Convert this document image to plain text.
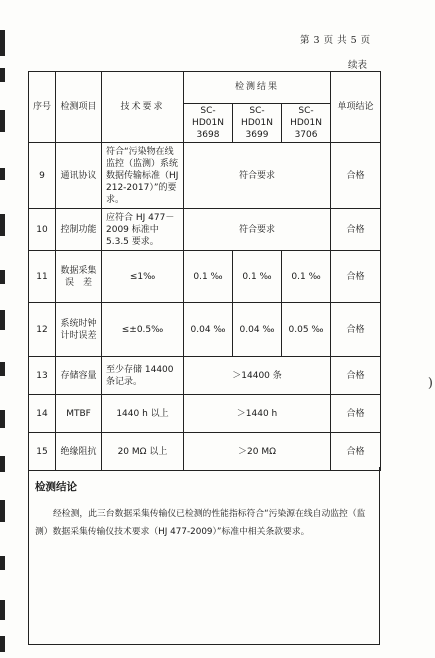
)
第 3 页 共 5 页
续表
序号	检测项目	技术要求	检测结果			单项结论
			SC-HD01N 3698	SC-HD01N 3699	SC-HD01N 3706	
9	通讯协议	符合“污染物在线监控（监测）系统数据传输标准（HJ 212-2017）”的要求。	符合要求			合格
10	控制功能	应符合 HJ 477－2009 标准中 5.3.5 要求。	符合要求			合格
11	数据采集误　差	≤1‰	0.1 ‰	0.1 ‰	0.1 ‰	合格
12	系统时钟计时误差	≤±0.5‰	0.04 ‰	0.04 ‰	0.05 ‰	合格
13	存储容量	至少存储 14400 条记录。	＞14400 条			合格
14	MTBF	1440 h 以上	＞1440 h			合格
15	绝缘阻抗	20 MΩ 以上	＞20 MΩ			合格
检测结论
经检测，此三台数据采集传输仪已检测的性能指标符合“污染源在线自动监控（监测）数据采集传输仪技术要求（HJ 477-2009）”标准中相关条款要求。
